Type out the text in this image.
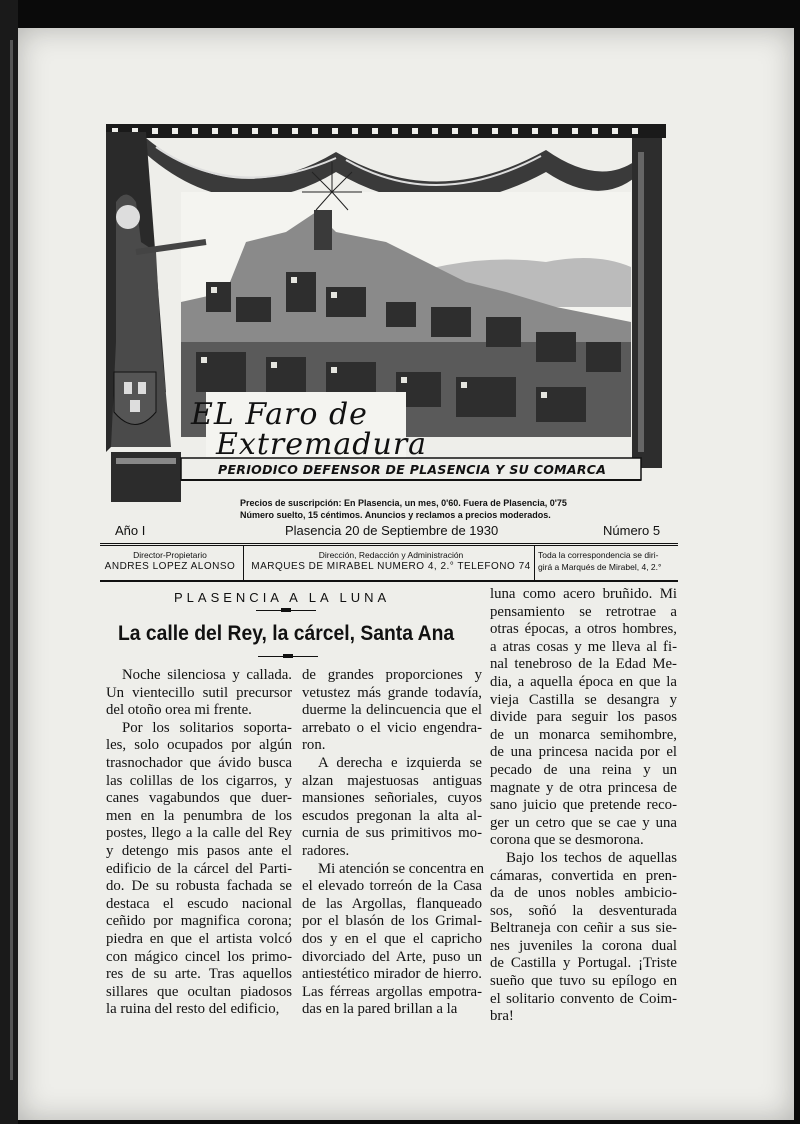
EL Faro de
Extremadura
PERIODICO DEFENSOR DE PLASENCIA Y SU COMARCA
Precios de suscripción: En Plasencia, un mes, 0'60. Fuera de Plasencia, 0'75
Número suelto, 15 céntimos. Anuncios y reclamos a precios moderados.
Año I	Plasencia 20 de Septiembre de 1930	Número 5
Director-Propietario
ANDRES LOPEZ ALONSO
Dirección, Redacción y Administración
MARQUES DE MIRABEL NUMERO 4, 2.° TELEFONO 74
Toda la correspondencia se diri-
girá a Marqués de Mirabel, 4, 2.°
PLASENCIA A LA LUNA
La calle del Rey, la cárcel, Santa Ana
Noche silenciosa y callada.
Un vientecillo sutil precursor
del otoño orea mi frente.
Por los solitarios soporta-
les, solo ocupados por algún
trasnochador que ávido busca
las colillas de los cigarros, y
canes vagabundos que duer-
men en la penumbra de los
postes, llego a la calle del Rey
y detengo mis pasos ante el
edificio de la cárcel del Parti-
do. De su robusta fachada se
destaca el escudo nacional
ceñido por magnifica corona;
piedra en que el artista volcó
con mágico cincel los primo-
res de su arte. Tras aquellos
sillares que ocultan piadosos
la ruina del resto del edificio,
de grandes proporciones y
vetustez más grande todavía,
duerme la delincuencia que el
arrebato o el vicio engendra-
ron.
A derecha e izquierda se
alzan majestuosas antiguas
mansiones señoriales, cuyos
escudos pregonan la alta al-
curnia de sus primitivos mo-
radores.
Mi atención se concentra en
el elevado torreón de la Casa
de las Argollas, flanqueado
por el blasón de los Grimal-
dos y en el que el capricho
divorciado del Arte, puso un
antiestético mirador de hierro.
Las férreas argollas empotra-
das en la pared brillan a la
luna como acero bruñido. Mi
pensamiento se retrotrae a
otras épocas, a otros hombres,
a atras cosas y me lleva al fi-
nal tenebroso de la Edad Me-
dia, a aquella época en que la
vieja Castilla se desangra y
divide para seguir los pasos
de un monarca semihombre,
de una princesa nacida por el
pecado de una reina y un
magnate y de otra princesa de
sano juicio que pretende reco-
ger un cetro que se cae y una
corona que se desmorona.
Bajo los techos de aquellas
cámaras, convertida en pren-
da de unos nobles ambicio-
sos, soñó la desventurada
Beltraneja con ceñir a sus sie-
nes juveniles la corona dual
de Castilla y Portugal. ¡Triste
sueño que tuvo su epílogo en
el solitario convento de Coim-
bra!
